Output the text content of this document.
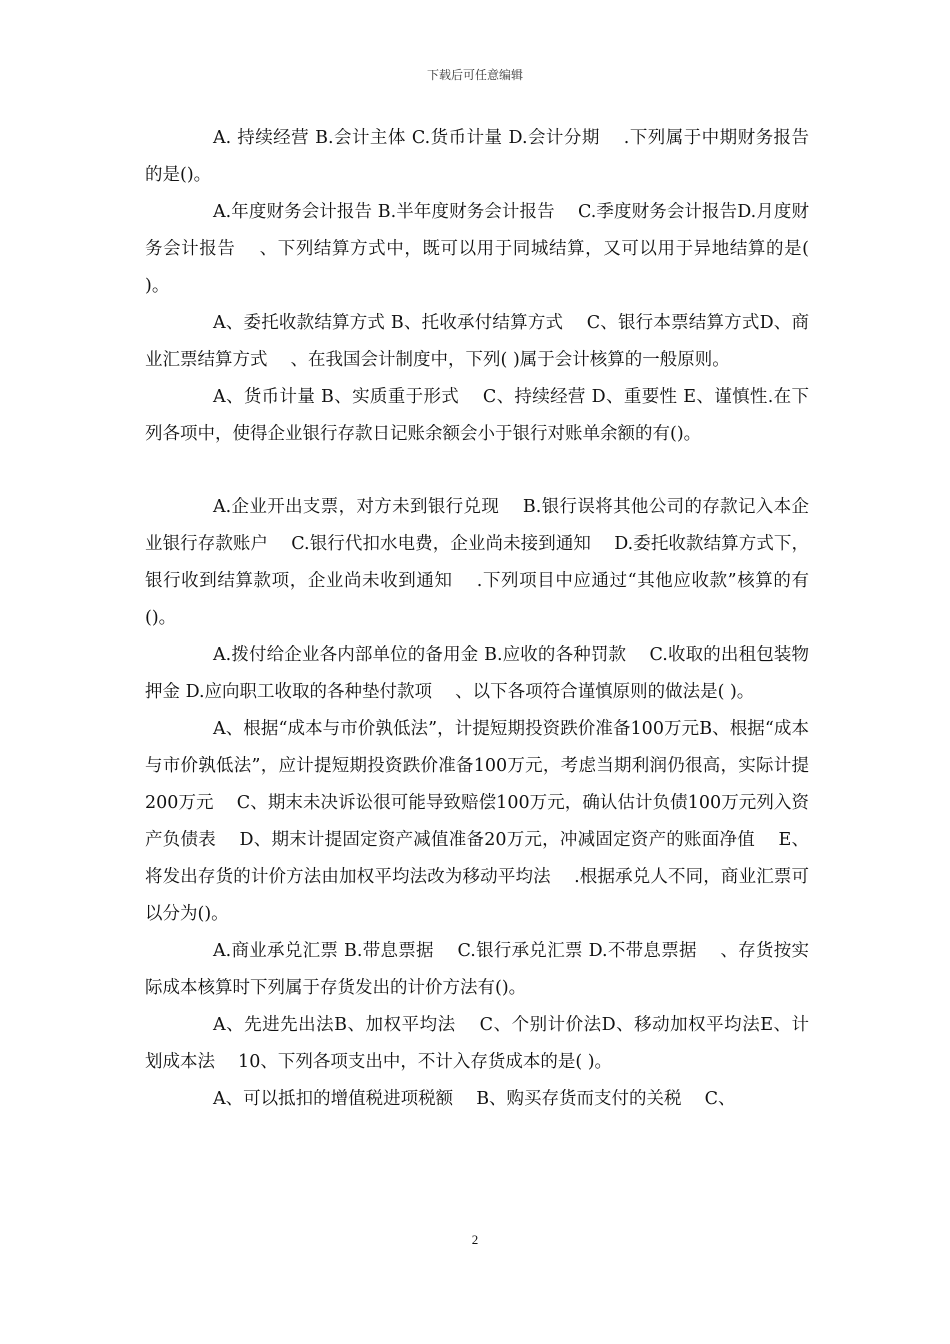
下载后可任意编辑

A. 持续经营 B.会计主体 C.货币计量 D.会计分期　 .下列属于中期财务报告的是()。

A.年度财务会计报告 B.半年度财务会计报告　 C.季度财务会计报告D.月度财务会计报告　 、下列结算方式中，既可以用于同城结算，又可以用于异地结算的是( )。

A、委托收款结算方式 B、托收承付结算方式　 C、银行本票结算方式D、商业汇票结算方式　 、在我国会计制度中，下列( )属于会计核算的一般原则。

A、货币计量 B、实质重于形式　 C、持续经营 D、重要性 E、谨慎性.在下列各项中，使得企业银行存款日记账余额会小于银行对账单余额的有()。

A.企业开出支票，对方未到银行兑现　 B.银行误将其他公司的存款记入本企业银行存款账户　 C.银行代扣水电费，企业尚未接到通知　 D.委托收款结算方式下，银行收到结算款项，企业尚未收到通知　 .下列项目中应通过“其他应收款”核算的有()。

A.拨付给企业各内部单位的备用金 B.应收的各种罚款　 C.收取的出租包装物押金 D.应向职工收取的各种垫付款项　 、以下各项符合谨慎原则的做法是( )。

A、根据“成本与市价孰低法”，计提短期投资跌价准备100万元B、根据“成本与市价孰低法”，应计提短期投资跌价准备100万元，考虑当期利润仍很高，实际计提200万元　 C、期末未决诉讼很可能导致赔偿100万元，确认估计负债100万元列入资产负债表　 D、期末计提固定资产减值准备20万元，冲减固定资产的账面净值　 E、将发出存货的计价方法由加权平均法改为移动平均法　 .根据承兑人不同，商业汇票可以分为()。

A.商业承兑汇票 B.带息票据　 C.银行承兑汇票 D.不带息票据　 、存货按实际成本核算时下列属于存货发出的计价方法有()。

A、先进先出法B、加权平均法　 C、个别计价法D、移动加权平均法E、计划成本法　 10、下列各项支出中，不计入存货成本的是( )。

A、可以抵扣的增值税进项税额　 B、购买存货而支付的关税　 C、

2
